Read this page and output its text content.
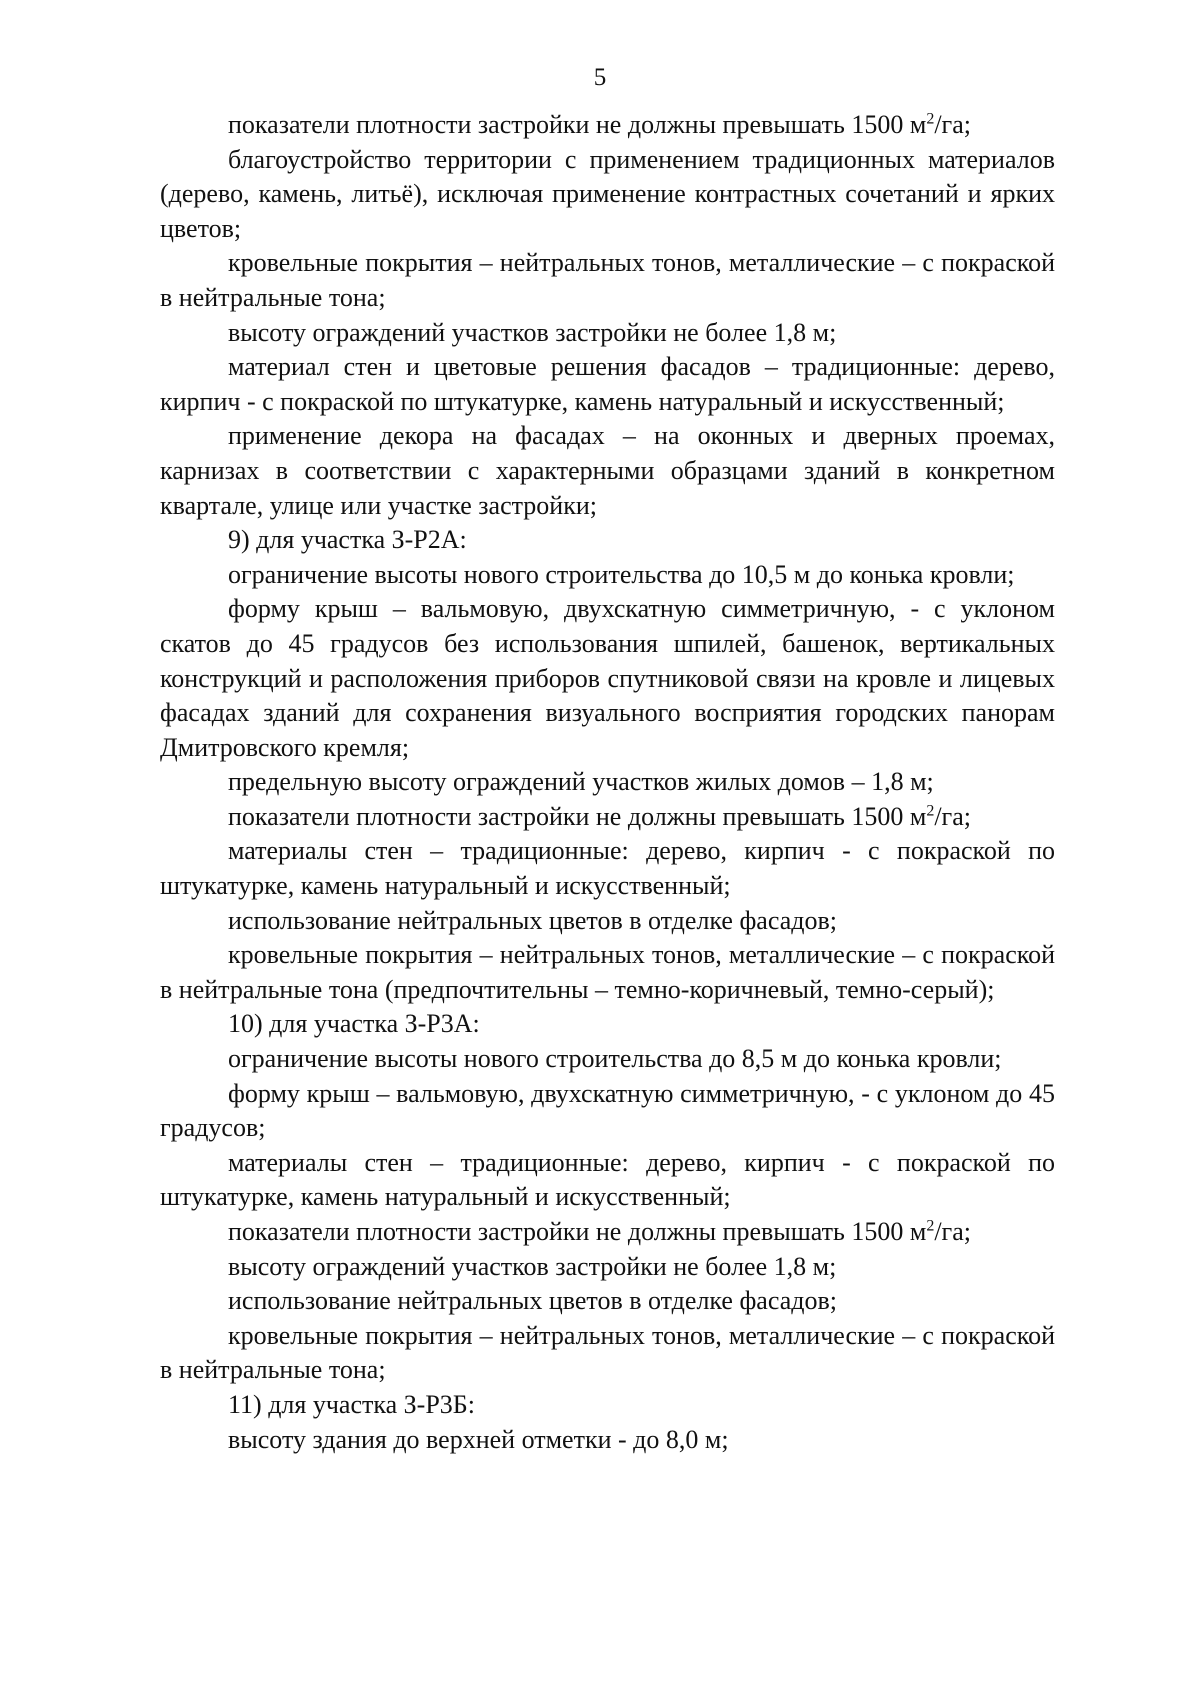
5

показатели плотности застройки не должны превышать 1500 $м^2/га$;

благоустройство территории с применением традиционных материалов (дерево, камень, литьё), исключая применение контрастных сочетаний и ярких цветов;

кровельные покрытия – нейтральных тонов, металлические – с покраской в нейтральные тона;

высоту ограждений участков застройки не более 1,8 м;

материал стен и цветовые решения фасадов – традиционные: дерево, кирпич - с покраской по штукатурке, камень натуральный и искусственный;

применение декора на фасадах – на оконных и дверных проемах, карнизах в соответствии с характерными образцами зданий в конкретном квартале, улице или участке застройки;

9) для участка З-Р2А:

ограничение высоты нового строительства до 10,5 м до конька кровли;

форму крыш – вальмовую, двухскатную симметричную, - с уклоном скатов до 45 градусов без использования шпилей, башенок, вертикальных конструкций и расположения приборов спутниковой связи на кровле и лицевых фасадах зданий для сохранения визуального восприятия городских панорам Дмитровского кремля;

предельную высоту ограждений участков жилых домов – 1,8 м;

показатели плотности застройки не должны превышать 1500 $м^2/га$;

материалы стен – традиционные: дерево, кирпич - с покраской по штукатурке, камень натуральный и искусственный;

использование нейтральных цветов в отделке фасадов;

кровельные покрытия – нейтральных тонов, металлические – с покраской в нейтральные тона (предпочтительны – темно-коричневый, темно-серый);

10) для участка З-Р3А:

ограничение высоты нового строительства до 8,5 м до конька кровли;

форму крыш – вальмовую, двухскатную симметричную, - с уклоном до 45 градусов;

материалы стен – традиционные: дерево, кирпич - с покраской по штукатурке, камень натуральный и искусственный;

показатели плотности застройки не должны превышать 1500 $м^2/га$;

высоту ограждений участков застройки не более 1,8 м;

использование нейтральных цветов в отделке фасадов;

кровельные покрытия – нейтральных тонов, металлические – с покраской в нейтральные тона;

11) для участка З-Р3Б:

высоту здания до верхней отметки - до 8,0 м;
